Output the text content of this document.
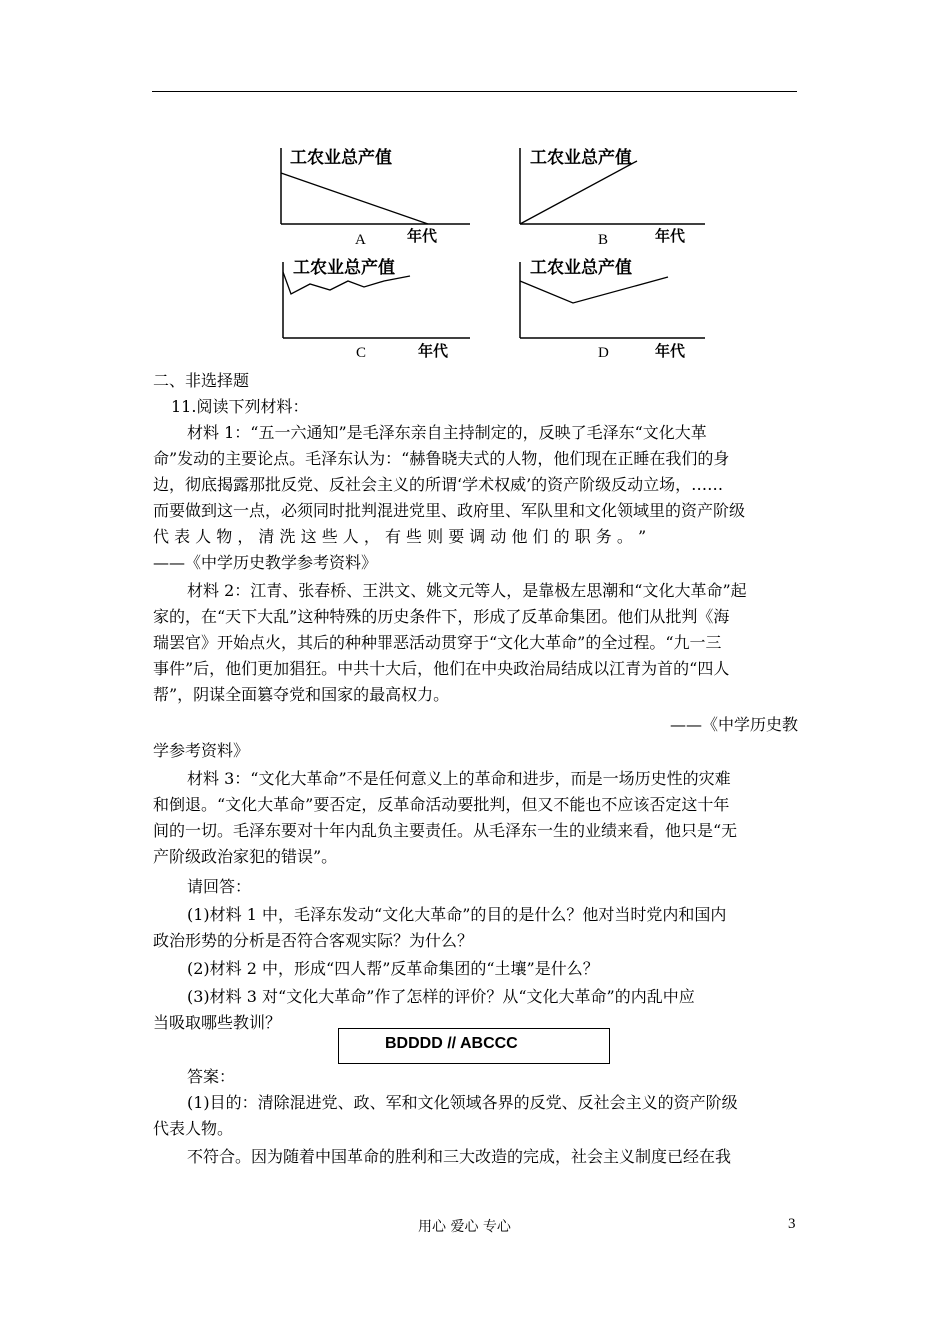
工农业总产值
A	年代
工农业总产值
B	年代
工农业总产值
C	年代
工农业总产值
D	年代
二、非选择题
11.阅读下列材料：
材料 1：“五一六通知”是毛泽东亲自主持制定的，反映了毛泽东“文化大革
命”发动的主要论点。毛泽东认为：“赫鲁晓夫式的人物，他们现在正睡在我们的身
边，彻底揭露那批反党、反社会主义的所谓‘学术权威’的资产阶级反动立场，……
而要做到这一点，必须同时批判混进党里、政府里、军队里和文化领域里的资产阶级
代 表 人 物 ， 清 洗 这 些 人 ， 有 些 则 要 调 动 他 们 的 职 务 。 ”
——《中学历史教学参考资料》
材料 2：江青、张春桥、王洪文、姚文元等人，是靠极左思潮和“文化大革命”起
家的，在“天下大乱”这种特殊的历史条件下，形成了反革命集团。他们从批判《海
瑞罢官》开始点火，其后的种种罪恶活动贯穿于“文化大革命”的全过程。“九一三
事件”后，他们更加猖狂。中共十大后，他们在中央政治局结成以江青为首的“四人
帮”，阴谋全面篡夺党和国家的最高权力。
——《中学历史教
学参考资料》
材料 3：“文化大革命”不是任何意义上的革命和进步，而是一场历史性的灾难
和倒退。“文化大革命”要否定，反革命活动要批判，但又不能也不应该否定这十年
间的一切。毛泽东要对十年内乱负主要责任。从毛泽东一生的业绩来看，他只是“无
产阶级政治家犯的错误”。
请回答：
(1)材料 1 中，毛泽东发动“文化大革命”的目的是什么？他对当时党内和国内
政治形势的分析是否符合客观实际？为什么？
(2)材料 2 中，形成“四人帮”反革命集团的“土壤”是什么？
(3)材料 3 对“文化大革命”作了怎样的评价？从“文化大革命”的内乱中应
当吸取哪些教训？
BDDDD // ABCCC
答案：
(1)目的：清除混进党、政、军和文化领域各界的反党、反社会主义的资产阶级
代表人物。
不符合。因为随着中国革命的胜利和三大改造的完成，社会主义制度已经在我
用心 爱心 专心	3
